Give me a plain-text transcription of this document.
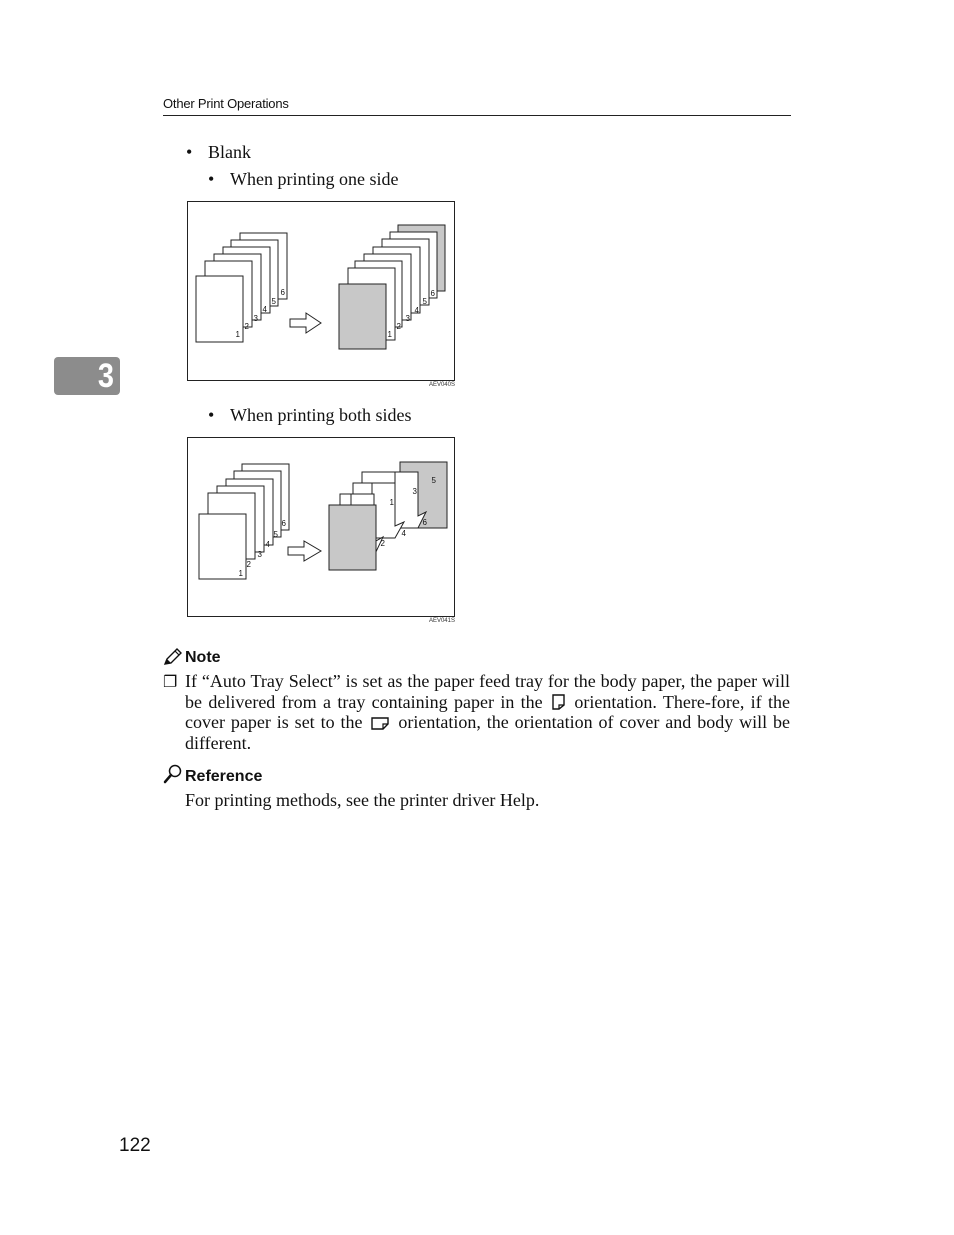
Other Print Operations
3
• Blank
• When printing one side
1
2
3
4
5
6
1
2
3
4
5
6
AEV040S
• When printing both sides
1
2
3
4
5
6
1
2
3
4
5
6
AEV041S
Note
❐ If “Auto Tray Select” is set as the paper feed tray for the body paper, the paper will be delivered from a tray containing paper in the orientation. There-fore, if the cover paper is set to the orientation, the orientation of cover and body will be different.
Reference
For printing methods, see the printer driver Help.
122
